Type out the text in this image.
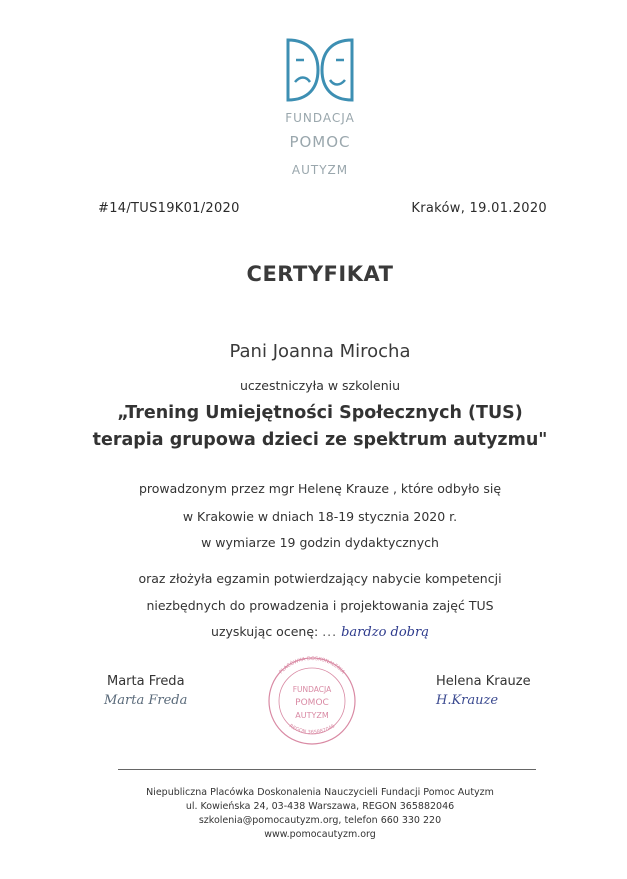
FUNDACJA
POMOC
AUTYZM
#14/TUS19K01/2020	Kraków, 19.01.2020
CERTYFIKAT
Pani Joanna Mirocha
uczestniczyła w szkoleniu
„Trening Umiejętności Społecznych (TUS)
terapia grupowa dzieci ze spektrum autyzmu"
prowadzonym przez mgr Helenę Krauze , które odbyło się
w Krakowie w dniach 18-19 stycznia 2020 r.
w wymiarze 19 godzin dydaktycznych
oraz złożyła egzamin potwierdzający nabycie kompetencji
niezbędnych do prowadzenia i projektowania zajęć TUS
uzyskując ocenę: ... bardzo dobrą
Marta Freda
Marta Freda
PLACÓWKA DOSKONALENIA
REGON 365882046
FUNDACJA
POMOC
AUTYZM
Helena Krauze
H.Krauze
Niepubliczna Placówka Doskonalenia Nauczycieli Fundacji Pomoc Autyzm
ul. Kowieńska 24, 03-438 Warszawa, REGON 365882046
szkolenia@pomocautyzm.org, telefon 660 330 220
www.pomocautyzm.org
